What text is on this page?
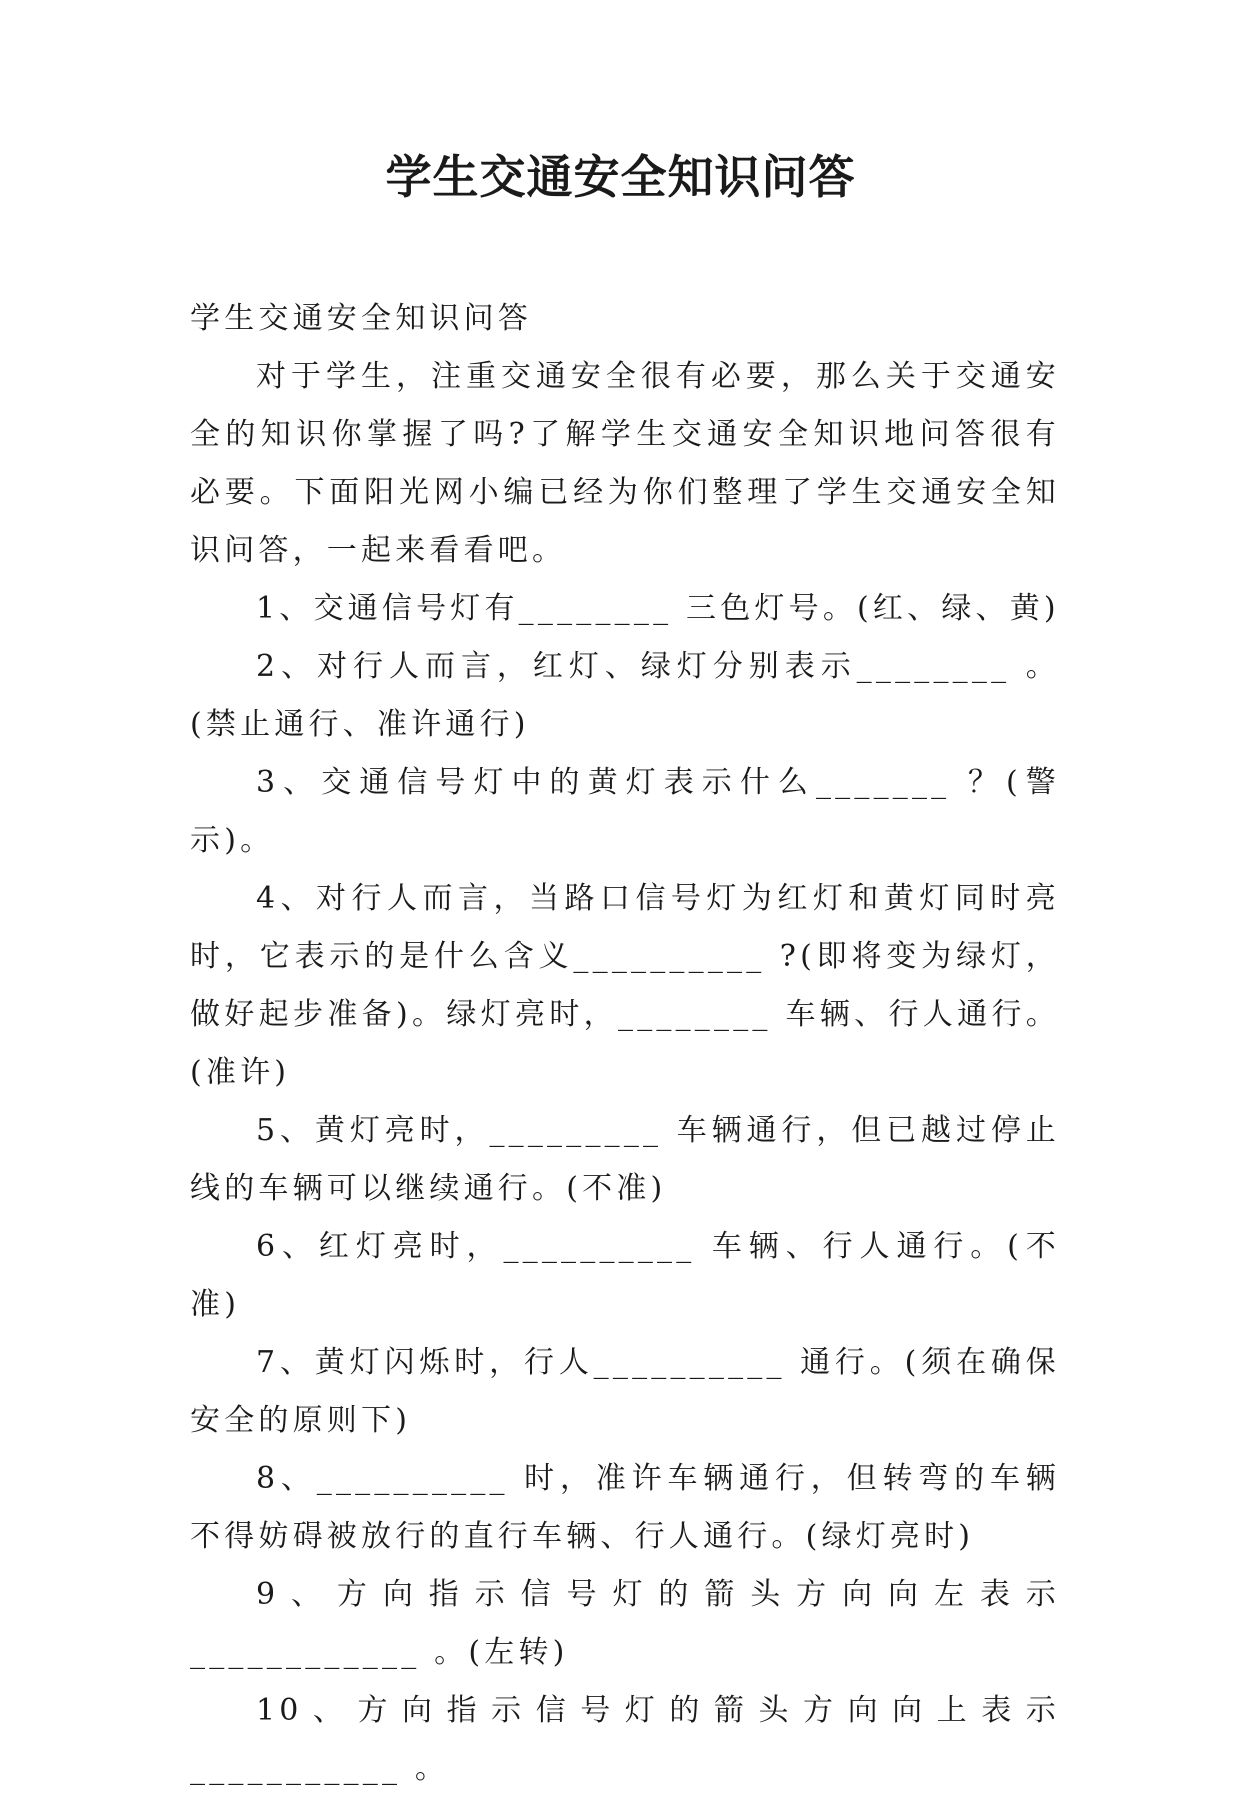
学生交通安全知识问答

学生交通安全知识问答

对于学生，注重交通安全很有必要，那么关于交通安全的知识你掌握了吗?了解学生交通安全知识地问答很有必要。下面阳光网小编已经为你们整理了学生交通安全知识问答，一起来看看吧。

1、交通信号灯有________ 三色灯号。(红、绿、黄)

2、对行人而言，红灯、绿灯分别表示________ 。(禁止通行、准许通行)

3、交通信号灯中的黄灯表示什么_______ ？(警示)。

4、对行人而言，当路口信号灯为红灯和黄灯同时亮时，它表示的是什么含义__________ ?(即将变为绿灯，做好起步准备)。绿灯亮时，________ 车辆、行人通行。(准许)

5、黄灯亮时，_________ 车辆通行，但已越过停止线的车辆可以继续通行。(不准)

6、红灯亮时，__________ 车辆、行人通行。(不准)

7、黄灯闪烁时，行人__________ 通行。(须在确保安全的原则下)

8、__________ 时，准许车辆通行，但转弯的车辆不得妨碍被放行的直行车辆、行人通行。(绿灯亮时)

9、方向指示信号灯的箭头方向向左表示____________ 。(左转)

10、方向指示信号灯的箭头方向向上表示___________ 。
